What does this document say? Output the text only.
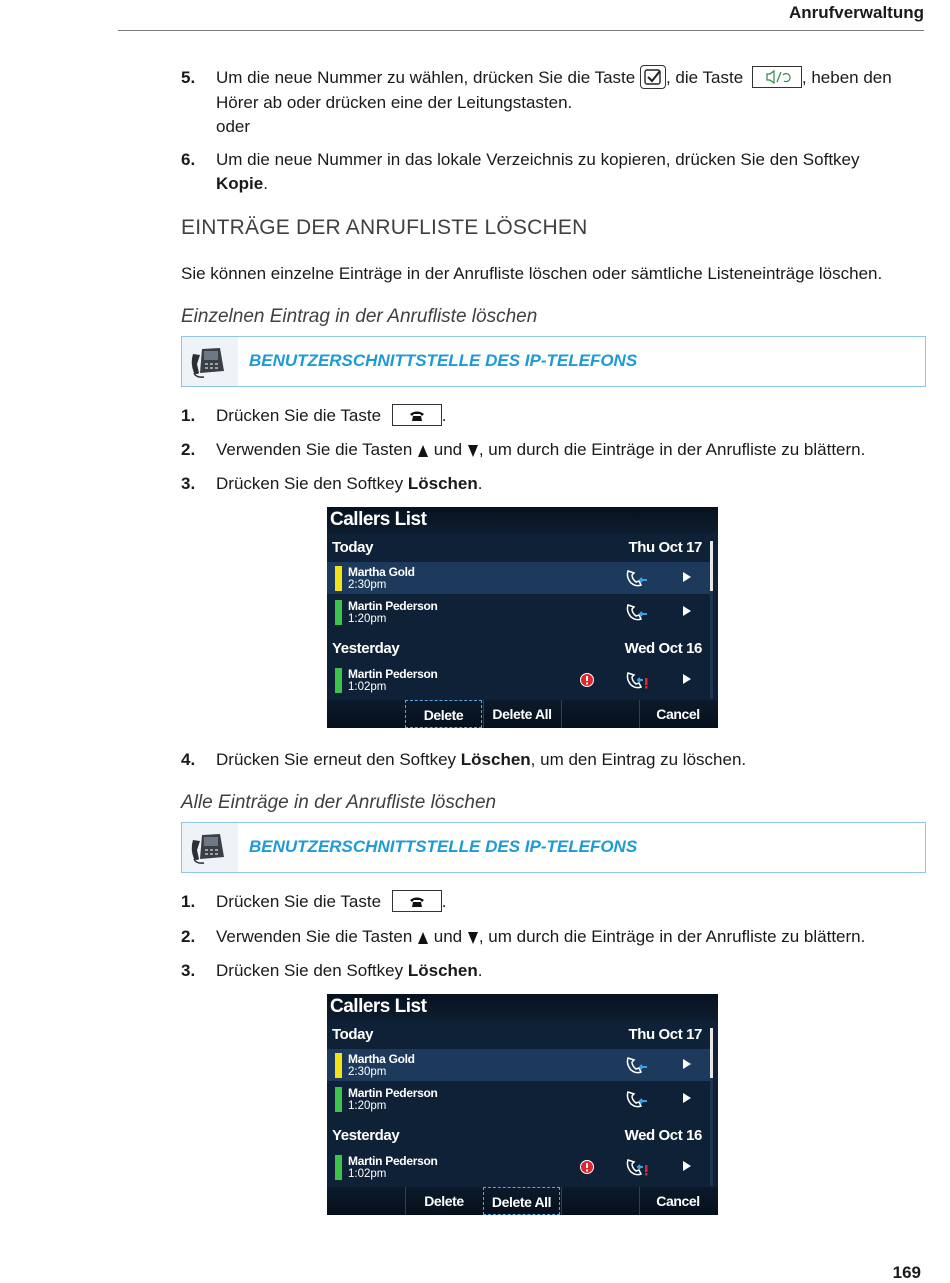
Anrufverwaltung
5. Um die neue Nummer zu wählen, drücken Sie die Taste , die Taste	, heben den
Hörer ab oder drücken eine der Leitungstasten.
oder
6. Um die neue Nummer in das lokale Verzeichnis zu kopieren, drücken Sie den Softkey
Kopie.
EINTRÄGE DER ANRUFLISTE LÖSCHEN
Sie können einzelne Einträge in der Anrufliste löschen oder sämtliche Listeneinträge löschen.
Einzelnen Eintrag in der Anrufliste löschen
BENUTZERSCHNITTSTELLE DES IP-TELEFONS
1. Drücken Sie die Taste	.
2. Verwenden Sie die Tasten und , um durch die Einträge in der Anrufliste zu blättern.
3. Drücken Sie den Softkey Löschen.
Callers List
Today	Thu Oct 17
Martha Gold
2:30pm
Martin Pederson
1:20pm
Yesterday	Wed Oct 16
Martin Pederson
1:02pm
Delete	Delete All	Cancel
4. Drücken Sie erneut den Softkey Löschen, um den Eintrag zu löschen.
Alle Einträge in der Anrufliste löschen
BENUTZERSCHNITTSTELLE DES IP-TELEFONS
1. Drücken Sie die Taste	.
2. Verwenden Sie die Tasten und , um durch die Einträge in der Anrufliste zu blättern.
3. Drücken Sie den Softkey Löschen.
Callers List
Today	Thu Oct 17
Martha Gold
2:30pm
Martin Pederson
1:20pm
Yesterday	Wed Oct 16
Martin Pederson
1:02pm
Delete	Delete All	Cancel
169
